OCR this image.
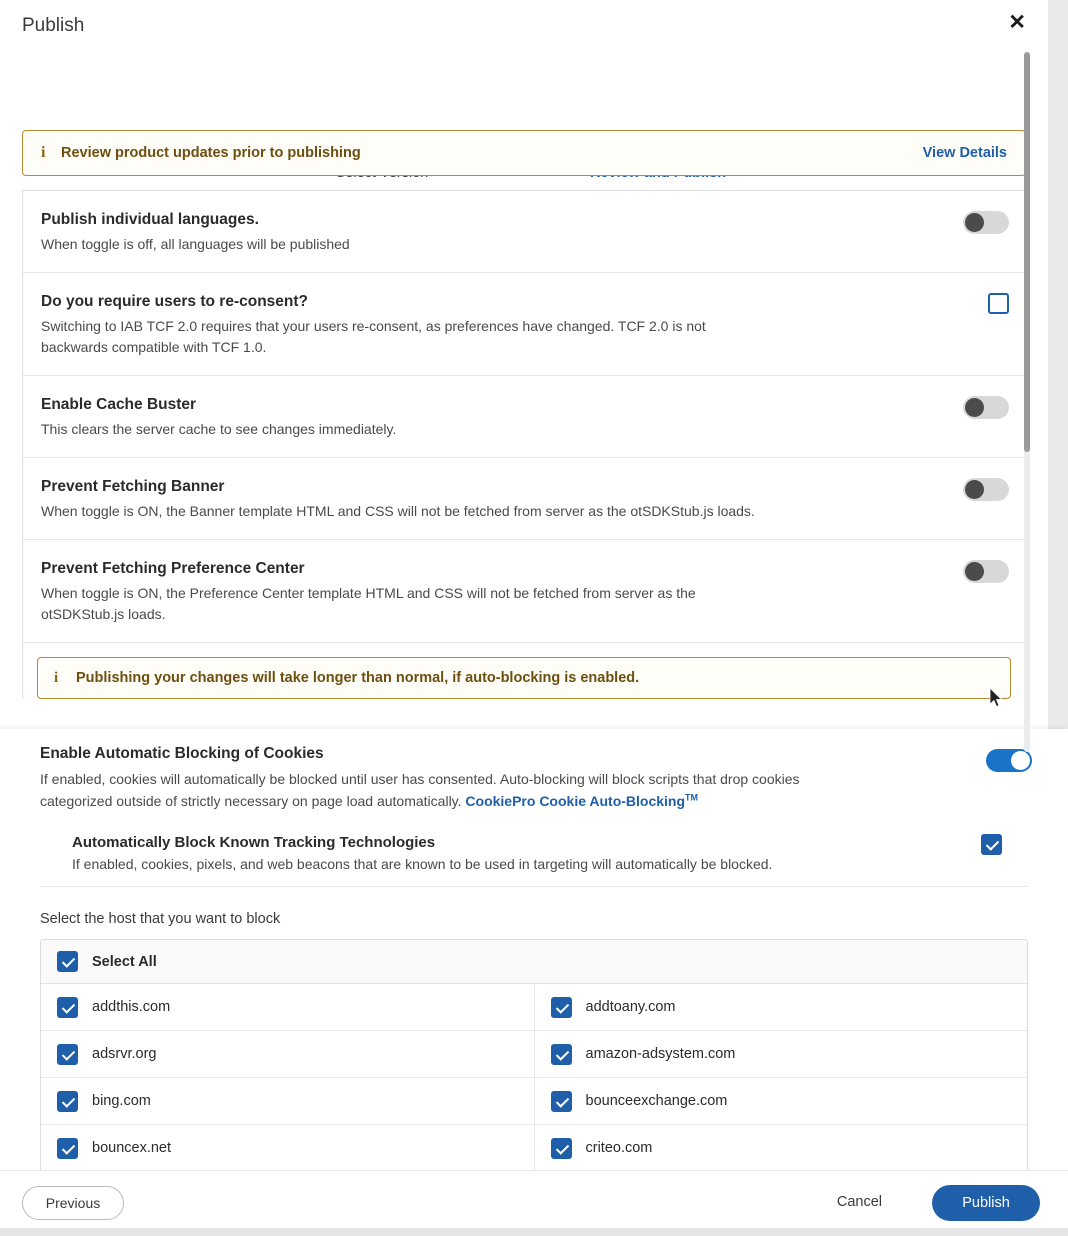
Publish	✕
i	Review product updates prior to publishing	View Details
Publish individual languages.
When toggle is off, all languages will be published
Do you require users to re-consent?
Switching to IAB TCF 2.0 requires that your users re-consent, as preferences have changed. TCF 2.0 is not backwards compatible with TCF 1.0.
Enable Cache Buster
This clears the server cache to see changes immediately.
Prevent Fetching Banner
When toggle is ON, the Banner template HTML and CSS will not be fetched from server as the otSDKStub.js loads.
Prevent Fetching Preference Center
When toggle is ON, the Preference Center template HTML and CSS will not be fetched from server as the otSDKStub.js loads.
i	Publishing your changes will take longer than normal, if auto-blocking is enabled.
Enable Automatic Blocking of Cookies
If enabled, cookies will automatically be blocked until user has consented. Auto-blocking will block scripts that drop cookies categorized outside of strictly necessary on page load automatically. CookiePro Cookie Auto-Blocking™
Automatically Block Known Tracking Technologies
If enabled, cookies, pixels, and web beacons that are known to be used in targeting will automatically be blocked.
Select the host that you want to block
Select All
addthis.com	addtoany.com
adsrvr.org	amazon-adsystem.com
bing.com	bounceexchange.com
bouncex.net	criteo.com
Previous	Cancel	Publish
